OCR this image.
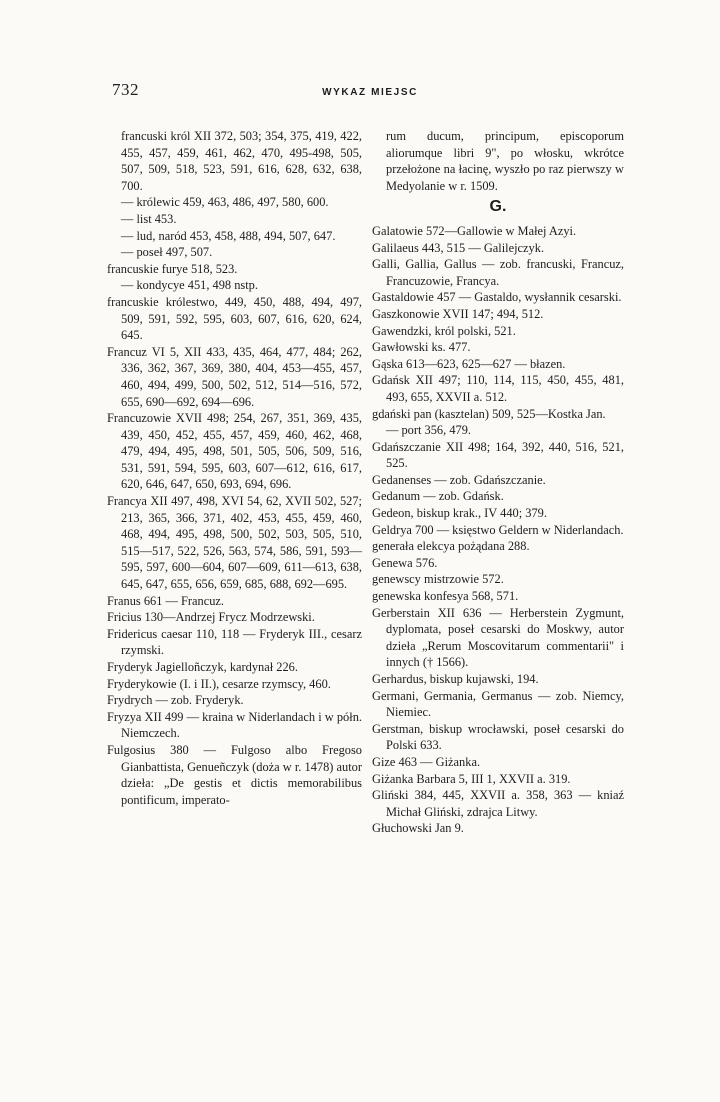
732	WYKAZ MIEJSC

francuski król XII 372, 503; 354, 375, 419, 422, 455, 457, 459, 461, 462, 470, 495-498, 505, 507, 509, 518, 523, 591, 616, 628, 632, 638, 700.

— królewic 459, 463, 486, 497, 580, 600.

— list 453.

— lud, naród 453, 458, 488, 494, 507, 647.

— poseł 497, 507.

francuskie furye 518, 523.

— kondycye 451, 498 nstp.

francuskie królestwo, 449, 450, 488, 494, 497, 509, 591, 592, 595, 603, 607, 616, 620, 624, 645.

Francuz VI 5, XII 433, 435, 464, 477, 484; 262, 336, 362, 367, 369, 380, 404, 453—455, 457, 460, 494, 499, 500, 502, 512, 514—516, 572, 655, 690—692, 694—696.

Francuzowie XVII 498; 254, 267, 351, 369, 435, 439, 450, 452, 455, 457, 459, 460, 462, 468, 479, 494, 495, 498, 501, 505, 506, 509, 516, 531, 591, 594, 595, 603, 607—612, 616, 617, 620, 646, 647, 650, 693, 694, 696.

Francya XII 497, 498, XVI 54, 62, XVII 502, 527; 213, 365, 366, 371, 402, 453, 455, 459, 460, 468, 494, 495, 498, 500, 502, 503, 505, 510, 515—517, 522, 526, 563, 574, 586, 591, 593—595, 597, 600—604, 607—609, 611—613, 638, 645, 647, 655, 656, 659, 685, 688, 692—695.

Franus 661 — Francuz.

Fricius 130—Andrzej Frycz Modrzewski.

Fridericus caesar 110, 118 — Fryderyk III., cesarz rzymski.

Fryderyk Jagielloñczyk, kardynał 226.

Fryderykowie (I. i II.), cesarze rzymscy, 460.

Frydrych — zob. Fryderyk.

Fryzya XII 499 — kraina w Niderlandach i w półn. Niemczech.

Fulgosius 380 — Fulgoso albo Fregoso Gianbattista, Genueñczyk (doża w r. 1478) autor dzieła: „De gestis et dictis memorabilibus pontificum, imperato-

rum ducum, principum, episcoporum aliorumque libri 9", po włosku, wkrótce przełożone na łacinę, wyszło po raz pierwszy w Medyolanie w r. 1509.

G.

Galatowie 572—Gallowie w Małej Azyi.

Galilaeus 443, 515 — Galilejczyk.

Galli, Gallia, Gallus — zob. francuski, Francuz, Francuzowie, Francya.

Gastaldowie 457 — Gastaldo, wysłannik cesarski.

Gaszkonowie XVII 147; 494, 512.

Gawendzki, król polski, 521.

Gawłowski ks. 477.

Gąska 613—623, 625—627 — błazen.

Gdańsk XII 497; 110, 114, 115, 450, 455, 481, 493, 655, XXVII a. 512.

gdański pan (kasztelan) 509, 525—Kostka Jan.

— port 356, 479.

Gdańszczanie XII 498; 164, 392, 440, 516, 521, 525.

Gedanenses — zob. Gdańszczanie.

Gedanum — zob. Gdańsk.

Gedeon, biskup krak., IV 440; 379.

Geldrya 700 — księstwo Geldern w Niderlandach.

generała elekcya pożądana 288.

Genewa 576.

genewscy mistrzowie 572.

genewska konfesya 568, 571.

Gerberstain XII 636 — Herberstein Zygmunt, dyplomata, poseł cesarski do Moskwy, autor dzieła „Rerum Moscovitarum commentarii" i innych († 1566).

Gerhardus, biskup kujawski, 194.

Germani, Germania, Germanus — zob. Niemcy, Niemiec.

Gerstman, biskup wrocławski, poseł cesarski do Polski 633.

Gize 463 — Giżanka.

Giżanka Barbara 5, III 1, XXVII a. 319.

Gliński 384, 445, XXVII a. 358, 363 — kniaź Michał Gliński, zdrajca Litwy.

Głuchowski Jan 9.
